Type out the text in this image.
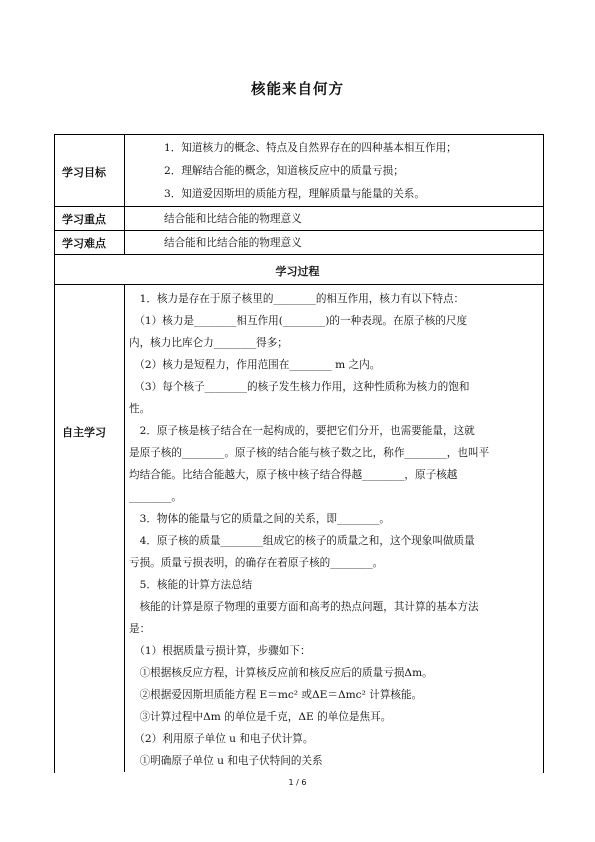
核能来自何方
学习目标
1．知道核力的概念、特点及自然界存在的四种基本相互作用；
2．理解结合能的概念，知道核反应中的质量亏损；
3．知道爱因斯坦的质能方程，理解质量与能量的关系。
学习重点	结合能和比结合能的物理意义
学习难点	结合能和比结合能的物理意义
学习过程
自主学习
　1．核力是存在于原子核里的________的相互作用，核力有以下特点：
　（1）核力是________相互作用(________)的一种表现。在原子核的尺度
内，核力比库仑力________得多；
　（2）核力是短程力，作用范围在________ m 之内。
　（3）每个核子________的核子发生核力作用，这种性质称为核力的饱和
性。
　2．原子核是核子结合在一起构成的，要把它们分开，也需要能量，这就
是原子核的________。原子核的结合能与核子数之比，称作________，也叫平
均结合能。比结合能越大，原子核中核子结合得越________，原子核越
________。
　3．物体的能量与它的质量之间的关系，即________。
　4．原子核的质量________组成它的核子的质量之和，这个现象叫做质量
亏损。质量亏损表明，的确存在着原子核的________。
　5．核能的计算方法总结
　核能的计算是原子物理的重要方面和高考的热点问题，其计算的基本方法
是：
　（1）根据质量亏损计算，步骤如下：
　①根据核反应方程，计算核反应前和核反应后的质量亏损Δm。
　②根据爱因斯坦质能方程 E＝mc² 或ΔE＝Δmc² 计算核能。
　③计算过程中Δm 的单位是千克，ΔE 的单位是焦耳。
　（2）利用原子单位 u 和电子伏计算。
　①明确原子单位 u 和电子伏特间的关系
1 / 6
